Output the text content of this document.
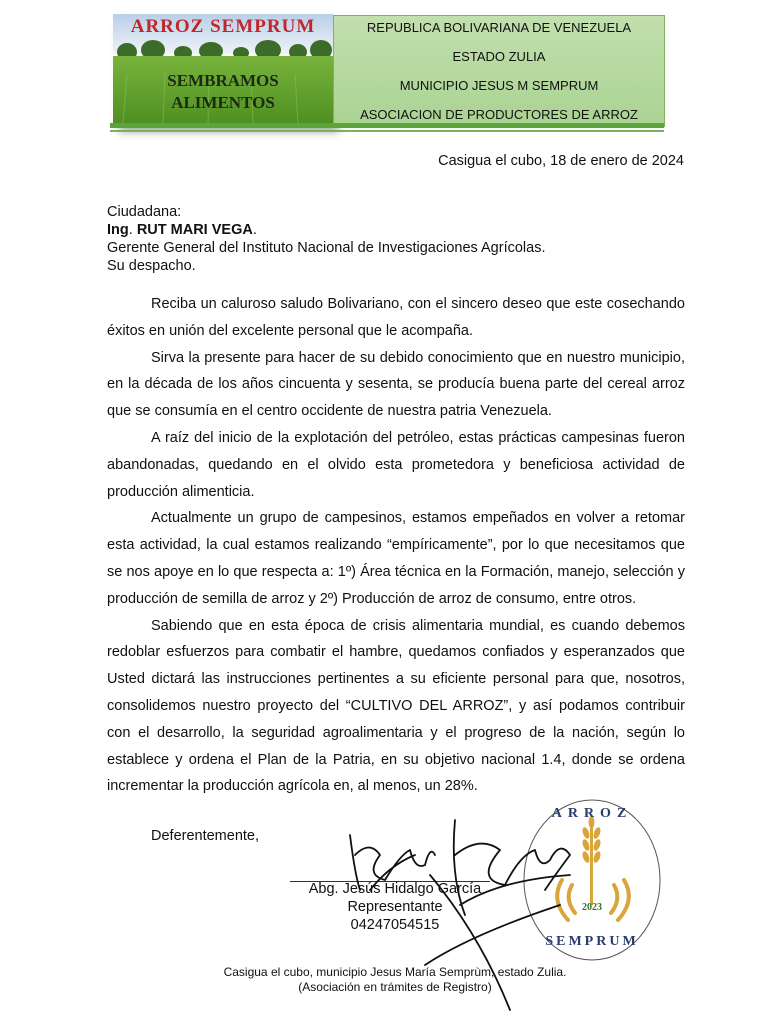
ARROZ SEMPRUM
SEMBRAMOS
ALIMENTOS
REPUBLICA BOLIVARIANA DE VENEZUELA
ESTADO ZULIA
MUNICIPIO JESUS M SEMPRUM
ASOCIACION DE PRODUCTORES DE ARROZ
Casigua el cubo, 18 de enero de 2024
Ciudadana:
Ing. RUT MARI VEGA.
Gerente General del Instituto Nacional de Investigaciones Agrícolas.
Su despacho.

Reciba un caluroso saludo Bolivariano, con el sincero deseo que este cosechando éxitos en unión del excelente personal que le acompaña.

Sirva la presente para hacer de su debido conocimiento que en nuestro municipio, en la década de los años cincuenta y sesenta, se producía buena parte del cereal arroz que se consumía en el centro occidente de nuestra patria Venezuela.

A raíz del inicio de la explotación del petróleo, estas prácticas campesinas fueron abandonadas, quedando en el olvido esta prometedora y beneficiosa actividad de producción alimenticia.

Actualmente un grupo de campesinos, estamos empeñados en volver a retomar esta actividad, la cual estamos realizando “empíricamente”, por lo que necesitamos que se nos apoye en lo que respecta a: 1º) Área técnica en la Formación, manejo, selección y producción de semilla de arroz y 2º) Producción de arroz de consumo, entre otros.

Sabiendo que en esta época de crisis alimentaria mundial, es cuando debemos redoblar esfuerzos para combatir el hambre, quedamos confiados y esperanzados que Usted dictará las instrucciones pertinentes a su eficiente personal para que, nosotros, consolidemos nuestro proyecto del “CULTIVO DEL ARROZ”, y así podamos contribuir con el desarrollo, la seguridad agroalimentaria y el progreso de la nación, según lo establece y ordena el Plan de la Patria, en su objetivo nacional 1.4, donde se ordena incrementar la producción agrícola en, al menos, un 28%.

Deferentemente,
2023
ARROZ
SEMPRUM
Abg. Jesús Hidalgo García
Representante
04247054515
Casigua el cubo, municipio Jesus María Semprùm, estado Zulia.
(Asociación en trámites de Registro)
